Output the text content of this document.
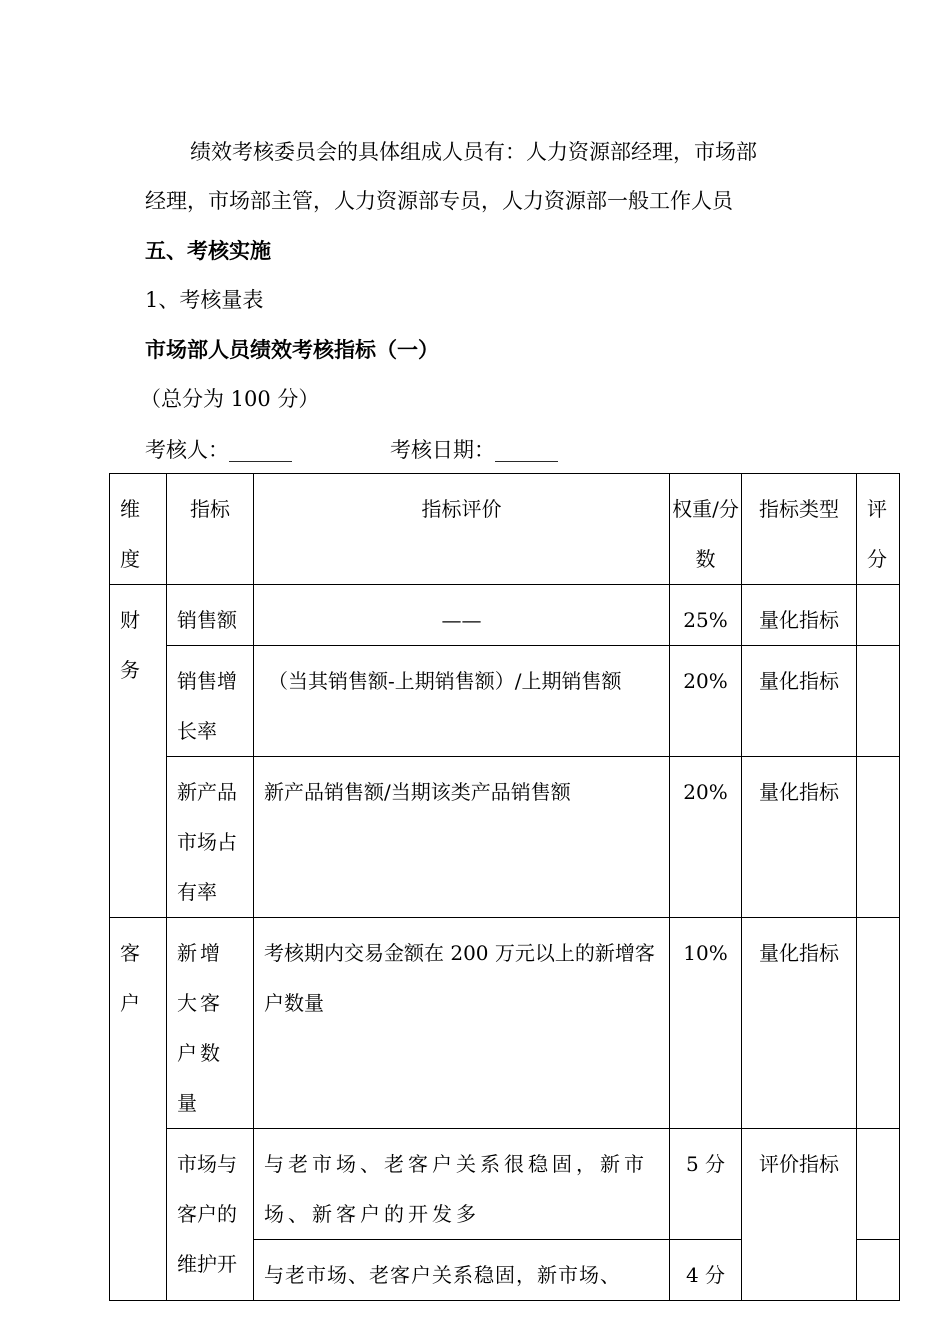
绩效考核委员会的具体组成人员有：人力资源部经理，市场部
经理，市场部主管，人力资源部专员，人力资源部一般工作人员
五、考核实施
1、考核量表
市场部人员绩效考核指标（一）
（总分为 100 分）
考核人：______	考核日期：______
维度	指标	指标评价	权重/分数	指标类型	评分
财务	销售额	——	25%	量化指标	
	销售增长率	（当其销售额-上期销售额）/上期销售额	20%	量化指标	
	新产品市场占有率	新产品销售额/当期该类产品销售额	20%	量化指标	
客户	新增大客户数量	考核期内交易金额在 200 万元以上的新增客户数量	10%	量化指标	
	市场与客户的维护开	与老市场、老客户关系很稳固，新市场、新客户的开发多	5 分	评价指标	
		与老市场、老客户关系稳固，新市场、	4 分		
